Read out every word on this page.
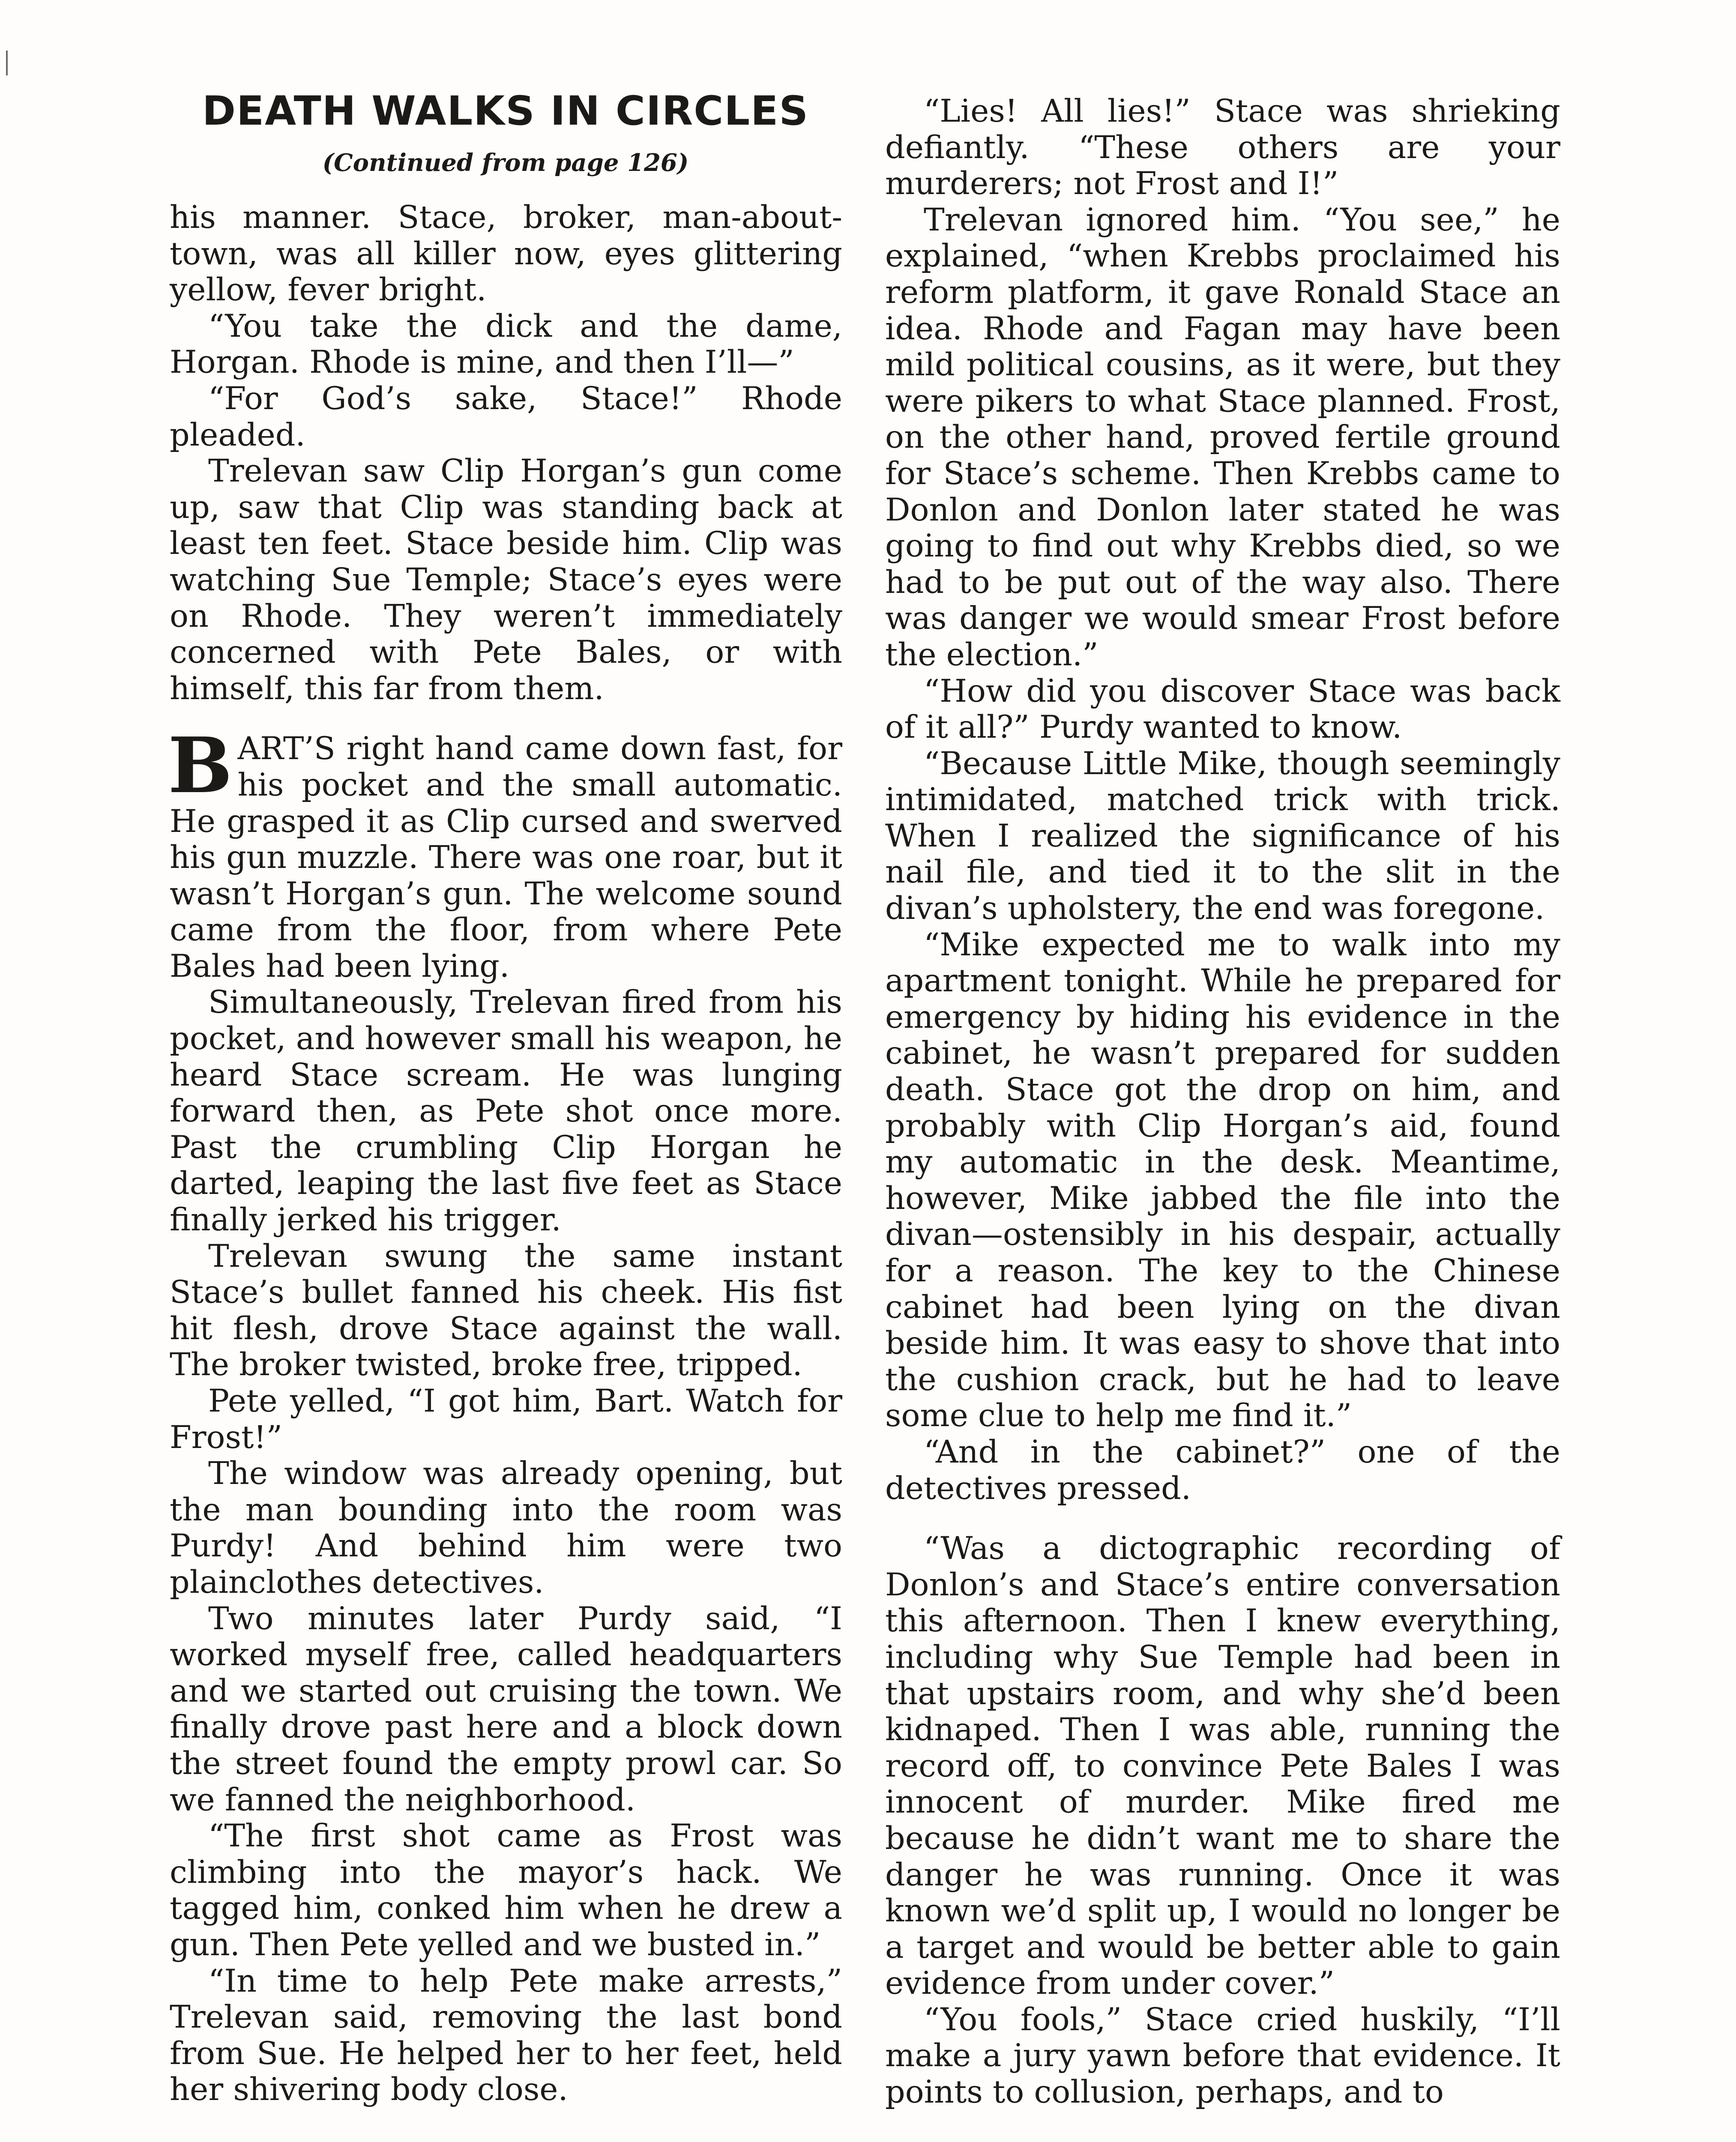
DEATH WALKS IN CIRCLES
(Continued from page 126)

his manner. Stace, broker, man-about-town, was all killer now, eyes glittering yellow, fever bright.

“You take the dick and the dame, Horgan. Rhode is mine, and then I’ll—”

“For God’s sake, Stace!” Rhode pleaded.

Trelevan saw Clip Horgan’s gun come up, saw that Clip was standing back at least ten feet. Stace beside him. Clip was watching Sue Temple; Stace’s eyes were on Rhode. They weren’t immediately concerned with Pete Bales, or with himself, this far from them.

BART’S right hand came down fast, for his pocket and the small automatic. He grasped it as Clip cursed and swerved his gun muzzle. There was one roar, but it wasn’t Horgan’s gun. The welcome sound came from the floor, from where Pete Bales had been lying.

Simultaneously, Trelevan fired from his pocket, and however small his weapon, he heard Stace scream. He was lunging forward then, as Pete shot once more. Past the crumbling Clip Horgan he darted, leaping the last five feet as Stace finally jerked his trigger.

Trelevan swung the same instant Stace’s bullet fanned his cheek. His fist hit flesh, drove Stace against the wall. The broker twisted, broke free, tripped.

Pete yelled, “I got him, Bart. Watch for Frost!”

The window was already opening, but the man bounding into the room was Purdy! And behind him were two plainclothes detectives.

Two minutes later Purdy said, “I worked myself free, called headquarters and we started out cruising the town. We finally drove past here and a block down the street found the empty prowl car. So we fanned the neighborhood.

“The first shot came as Frost was climbing into the mayor’s hack. We tagged him, conked him when he drew a gun. Then Pete yelled and we busted in.”

“In time to help Pete make arrests,” Trelevan said, removing the last bond from Sue. He helped her to her feet, held her shivering body close.

“Lies! All lies!” Stace was shrieking defiantly. “These others are your murderers; not Frost and I!”

Trelevan ignored him. “You see,” he explained, “when Krebbs proclaimed his reform platform, it gave Ronald Stace an idea. Rhode and Fagan may have been mild political cousins, as it were, but they were pikers to what Stace planned. Frost, on the other hand, proved fertile ground for Stace’s scheme. Then Krebbs came to Donlon and Donlon later stated he was going to find out why Krebbs died, so we had to be put out of the way also. There was danger we would smear Frost before the election.”

“How did you discover Stace was back of it all?” Purdy wanted to know.

“Because Little Mike, though seemingly intimidated, matched trick with trick. When I realized the significance of his nail file, and tied it to the slit in the divan’s upholstery, the end was foregone.

“Mike expected me to walk into my apartment tonight. While he prepared for emergency by hiding his evidence in the cabinet, he wasn’t prepared for sudden death. Stace got the drop on him, and probably with Clip Horgan’s aid, found my automatic in the desk. Meantime, however, Mike jabbed the file into the divan—ostensibly in his despair, actually for a reason. The key to the Chinese cabinet had been lying on the divan beside him. It was easy to shove that into the cushion crack, but he had to leave some clue to help me find it.”

“And in the cabinet?” one of the detectives pressed.

“Was a dictographic recording of Donlon’s and Stace’s entire conversation this afternoon. Then I knew everything, including why Sue Temple had been in that upstairs room, and why she’d been kidnaped. Then I was able, running the record off, to convince Pete Bales I was innocent of murder. Mike fired me because he didn’t want me to share the danger he was running. Once it was known we’d split up, I would no longer be a target and would be better able to gain evidence from under cover.”

“You fools,” Stace cried huskily, “I’ll make a jury yawn before that evidence. It points to collusion, perhaps, and to
